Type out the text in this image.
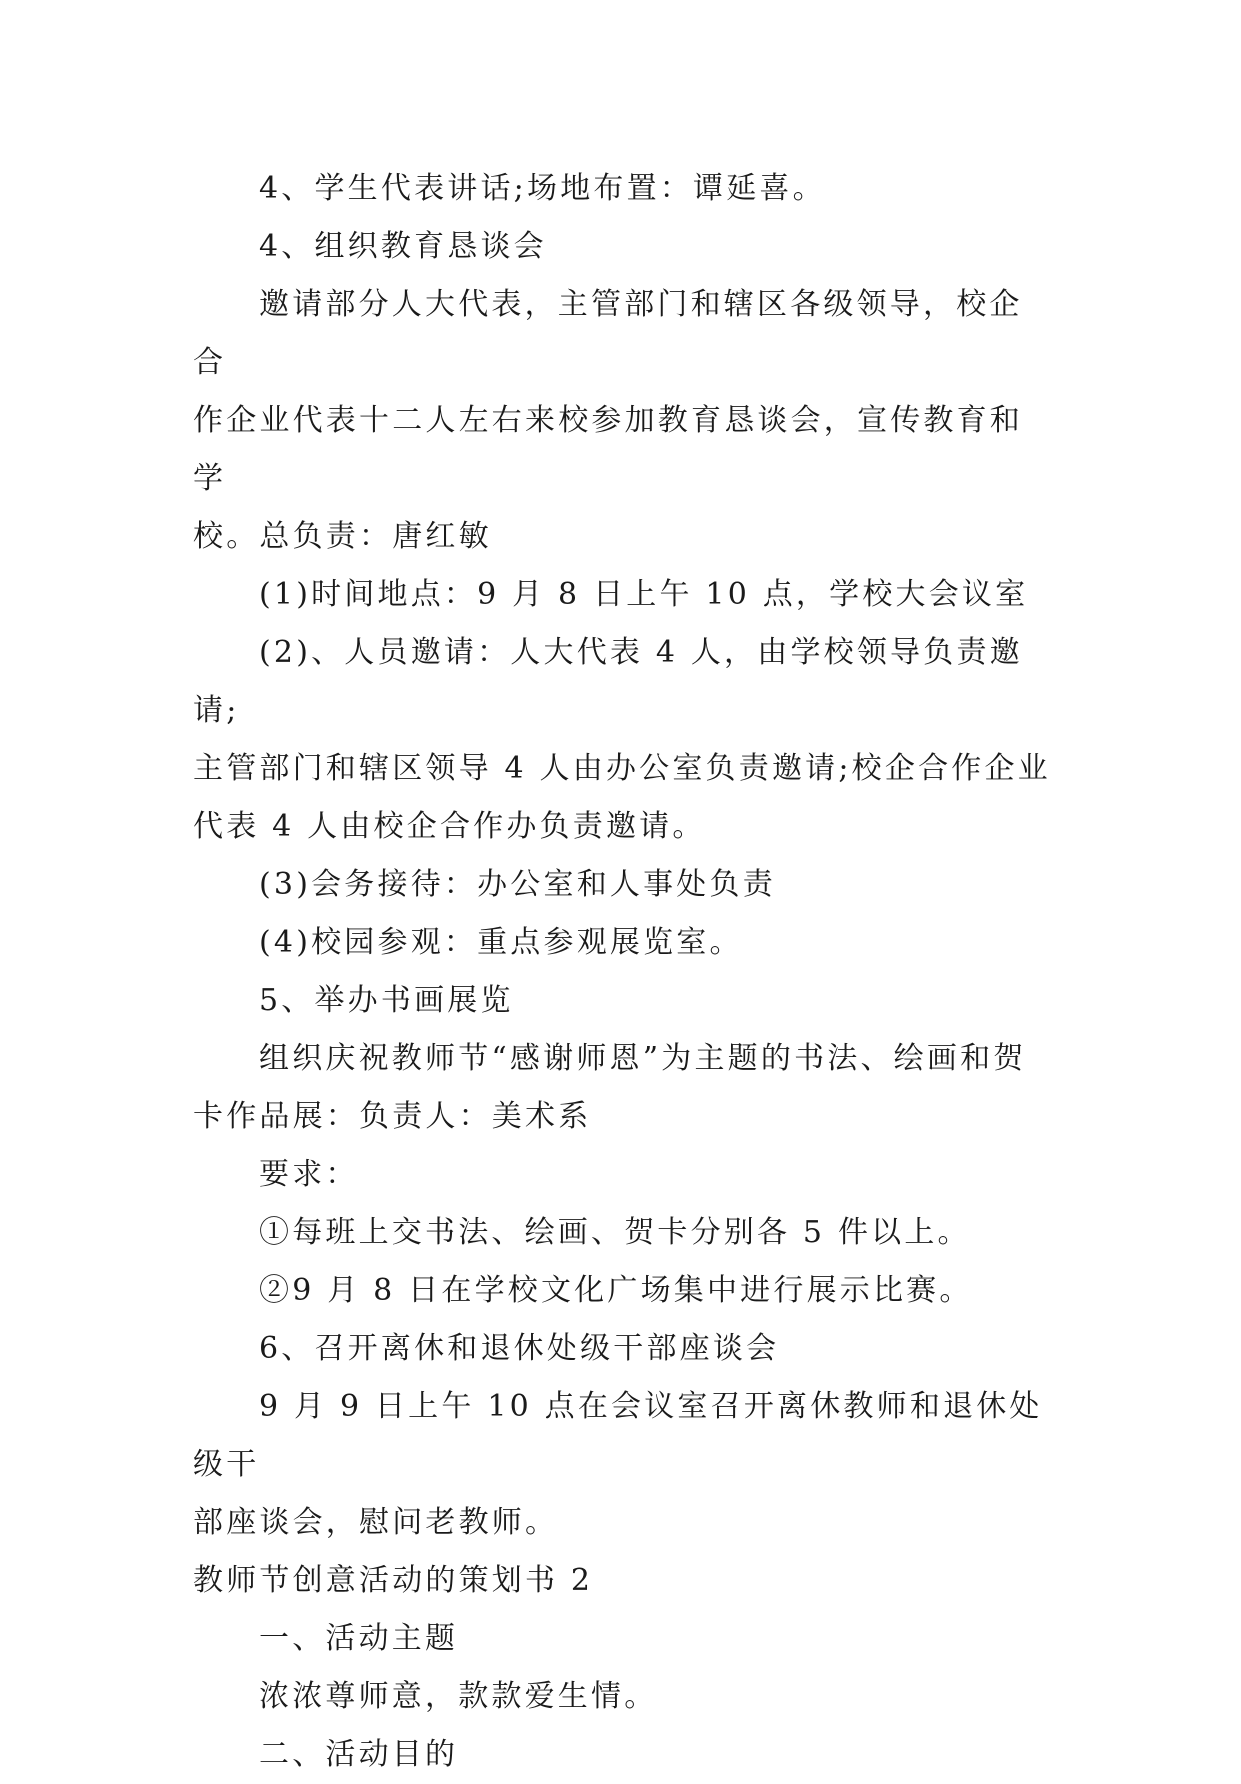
4、学生代表讲话;场地布置：谭延喜。

4、组织教育恳谈会

邀请部分人大代表，主管部门和辖区各级领导，校企合
作企业代表十二人左右来校参加教育恳谈会，宣传教育和学
校。总负责：唐红敏

(1)时间地点：9 月 8 日上午 10 点，学校大会议室

(2)、人员邀请：人大代表 4 人，由学校领导负责邀请;
主管部门和辖区领导 4 人由办公室负责邀请;校企合作企业
代表 4 人由校企合作办负责邀请。

(3)会务接待：办公室和人事处负责

(4)校园参观：重点参观展览室。

5、举办书画展览

组织庆祝教师节“感谢师恩”为主题的书法、绘画和贺
卡作品展：负责人：美术系

要求：

①每班上交书法、绘画、贺卡分别各 5 件以上。

②9 月 8 日在学校文化广场集中进行展示比赛。

6、召开离休和退休处级干部座谈会

9 月 9 日上午 10 点在会议室召开离休教师和退休处级干
部座谈会，慰问老教师。

教师节创意活动的策划书 2

一、活动主题

浓浓尊师意，款款爱生情。

二、活动目的
